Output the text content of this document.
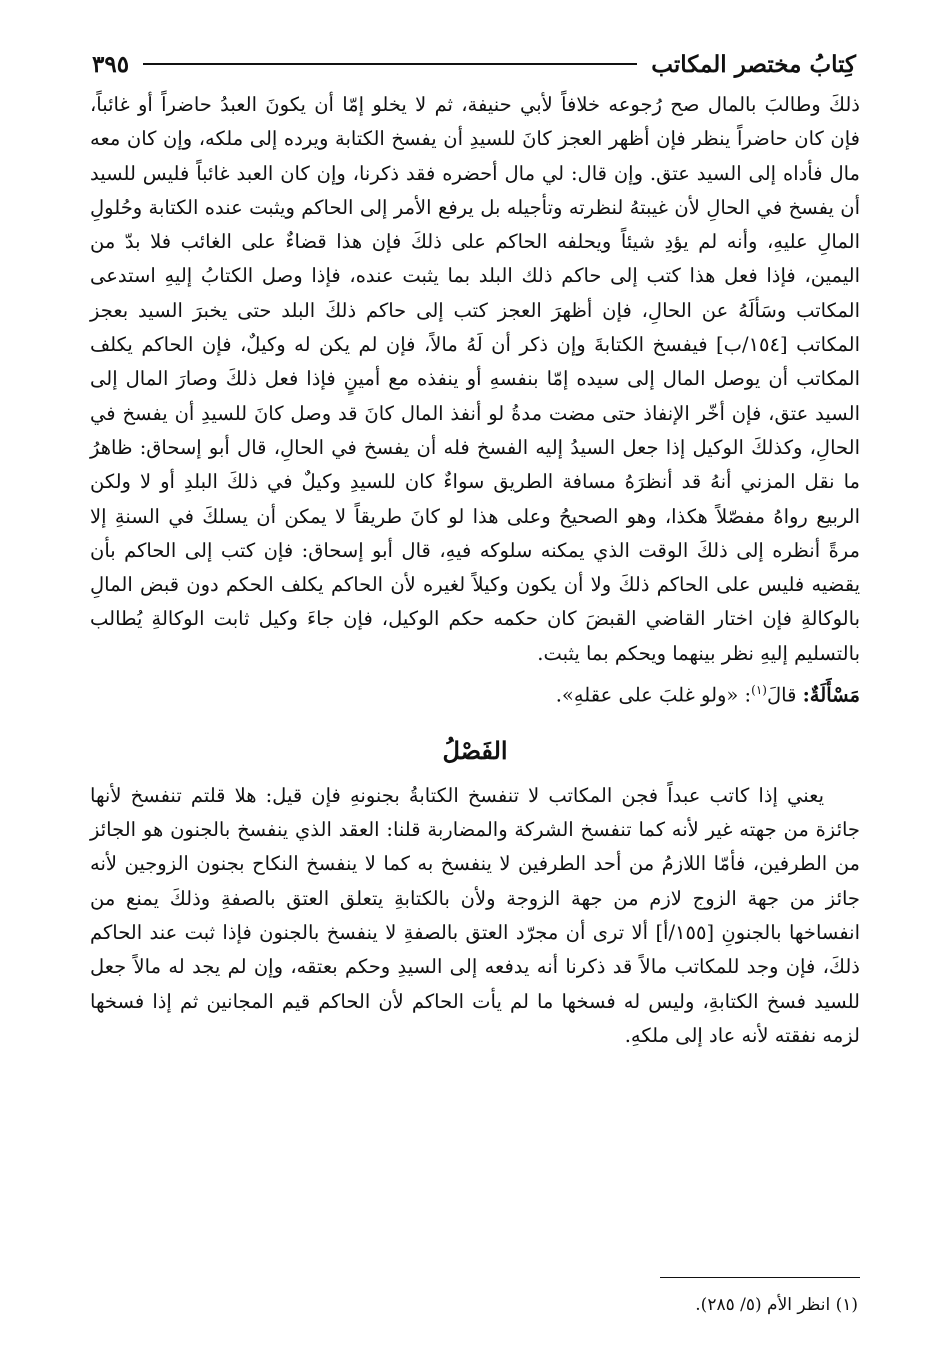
كِتابُ مختصر المكاتب
٣٩٥

ذلكَ وطالبَ بالمال صح رُجوعه خلافاً لأبي حنيفة، ثم لا يخلو إمّا أن يكونَ العبدُ حاضراً أو غائباً، فإن كان حاضراً ينظر فإن أظهر العجز كانَ للسيدِ أن يفسخ الكتابة ويرده إلى ملكه، وإن كان معه مال فأداه إلى السيد عتق. وإن قال: لي مال أحضره فقد ذكرنا، وإن كان العبد غائباً فليس للسيد أن يفسخ في الحالِ لأن غيبتهُ لنظرته وتأجيله بل يرفع الأمر إلى الحاكم ويثبت عنده الكتابة وحُلولِ المالِ عليهِ، وأنه لم يؤدِ شيئاً ويحلفه الحاكم على ذلكَ فإن هذا قضاءٌ على الغائب فلا بدّ من اليمين، فإذا فعل هذا كتب إلى حاكم ذلك البلد بما يثبت عنده، فإذا وصل الكتابُ إليهِ استدعى المكاتب وسَألَهُ عن الحالِ، فإن أظهرَ العجز كتب إلى حاكم ذلكَ البلد حتى يخبرَ السيد بعجز المكاتب [١٥٤/ب] فيفسخ الكتابةَ وإن ذكر أن لَهُ مالاً، فإن لم يكن له وكيلٌ، فإن الحاكم يكلف المكاتب أن يوصل المال إلى سيده إمّا بنفسهِ أو ينفذه مع أمينٍ فإذا فعل ذلكَ وصارَ المال إلى السيد عتق، فإن أخّر الإنفاذ حتى مضت مدةُ لو أنفذ المال كانَ قد وصل كانَ للسيدِ أن يفسخ في الحالِ، وكذلكَ الوكيل إذا جعل السيدُ إليه الفسخ فله أن يفسخ في الحالِ، قال أبو إسحاق: ظاهرُ ما نقل المزني أنهُ قد أنظرَهُ مسافة الطريق سواءٌ كان للسيدِ وكيلٌ في ذلكَ البلدِ أو لا ولكن الربيع رواهُ مفصّلاً هكذا، وهو الصحيحُ وعلى هذا لو كانَ طريقاً لا يمكن أن يسلكَ في السنةِ إلا مرةً أنظره إلى ذلكَ الوقت الذي يمكنه سلوكه فيهِ، قال أبو إسحاق: فإن كتب إلى الحاكم بأن يقضيه فليس على الحاكم ذلكَ ولا أن يكون وكيلاً لغيره لأن الحاكم يكلف الحكم دون قبض المالِ بالوكالةِ فإن اختار القاضي القبضَ كان حكمه حكم الوكيل، فإن جاءَ وكيل ثابت الوكالةِ يُطالب بالتسليم إليهِ نظر بينهما ويحكم بما يثبت.

مَسْأَلَةٌ: قالَ$^{(١)}$: «ولو غلبَ على عقلهِ».

الفَصْلُ

يعني إذا كاتب عبداً فجن المكاتب لا تنفسخ الكتابةُ بجنونهِ فإن قيل: هلا قلتم تنفسخ لأنها جائزة من جهته غير لأنه كما تنفسخ الشركة والمضاربة قلنا: العقد الذي ينفسخ بالجنون هو الجائز من الطرفين، فأمّا اللازمُ من أحد الطرفين لا ينفسخ به كما لا ينفسخ النكاح بجنون الزوجين لأنه جائز من جهة الزوج لازم من جهة الزوجة ولأن بالكتابةِ يتعلق العتق بالصفةِ وذلكَ يمنع من انفساخها بالجنونِ [١٥٥/أ] ألا ترى أن مجرّد العتق بالصفةِ لا ينفسخ بالجنون فإذا ثبت عند الحاكم ذلكَ، فإن وجد للمكاتب مالاً قد ذكرنا أنه يدفعه إلى السيدِ وحكم بعتقه، وإن لم يجد له مالاً جعل للسيد فسخ الكتابةِ، وليس له فسخها ما لم يأت الحاكم لأن الحاكم قيم المجانين ثم إذا فسخها لزمه نفقته لأنه عاد إلى ملكهِ.

(١) انظر الأم (٥/ ٢٨٥).
